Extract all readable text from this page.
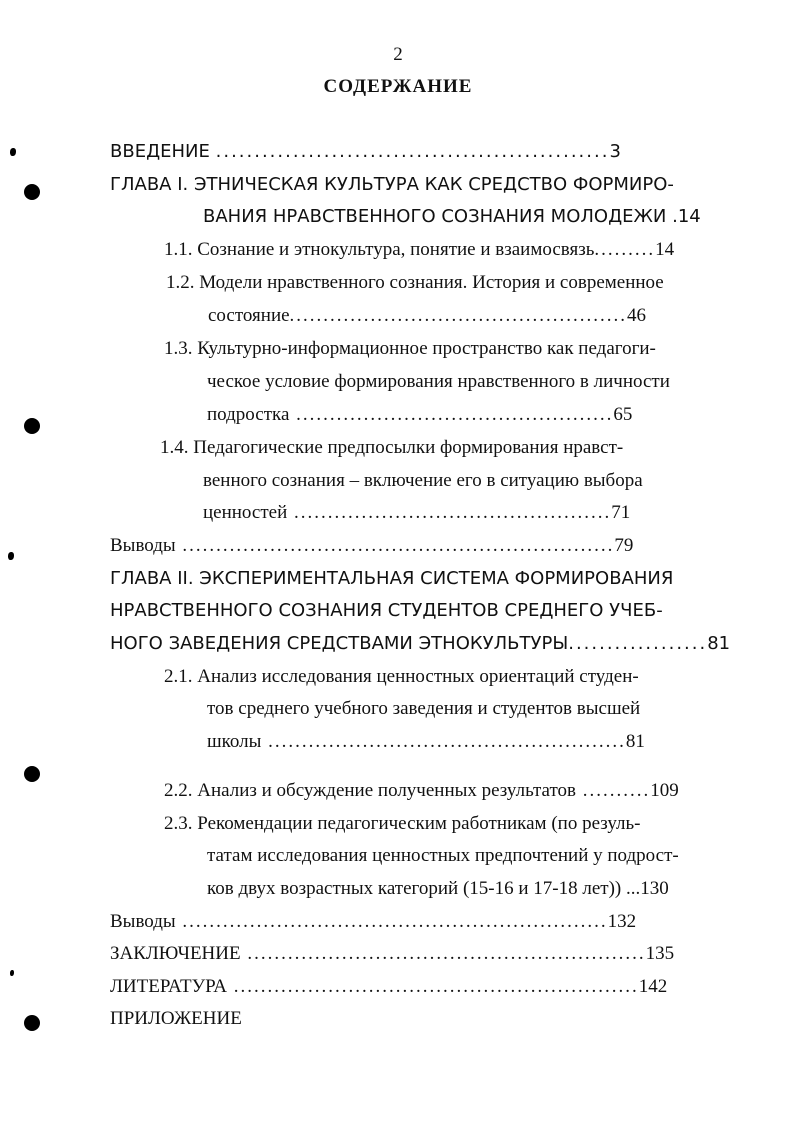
2
СОДЕРЖАНИЕ
ВВЕДЕНИЕ ...................................................3
ГЛАВА I. ЭТНИЧЕСКАЯ КУЛЬТУРА КАК СРЕДСТВО ФОРМИРО-
ВАНИЯ НРАВСТВЕННОГО СОЗНАНИЯ МОЛОДЕЖИ .14
1.1. Сознание и этнокультура, понятие и взаимосвязь.........14
1.2. Модели нравственного сознания. История и современное
состояние..................................................46
1.3. Культурно-информационное пространство как педагоги-
ческое условие формирования нравственного в личности
подростка ...............................................65
1.4. Педагогические предпосылки формирования нравст-
венного сознания – включение его в ситуацию выбора
ценностей ...............................................71
Выводы ................................................................79
ГЛАВА II. ЭКСПЕРИМЕНТАЛЬНАЯ СИСТЕМА ФОРМИРОВАНИЯ
НРАВСТВЕННОГО СОЗНАНИЯ СТУДЕНТОВ СРЕДНЕГО УЧЕБ-
НОГО ЗАВЕДЕНИЯ СРЕДСТВАМИ ЭТНОКУЛЬТУРЫ..................81
2.1. Анализ исследования ценностных ориентаций студен-
тов среднего учебного заведения и студентов высшей
школы .....................................................81
2.2. Анализ и обсуждение полученных результатов ..........109
2.3. Рекомендации педагогическим работникам (по резуль-
татам исследования ценностных предпочтений у подрост-
ков двух возрастных категорий (15-16 и 17-18 лет)) ...130
Выводы ...............................................................132
ЗАКЛЮЧЕНИЕ ...........................................................135
ЛИТЕРАТУРА ............................................................142
ПРИЛОЖЕНИЕ
